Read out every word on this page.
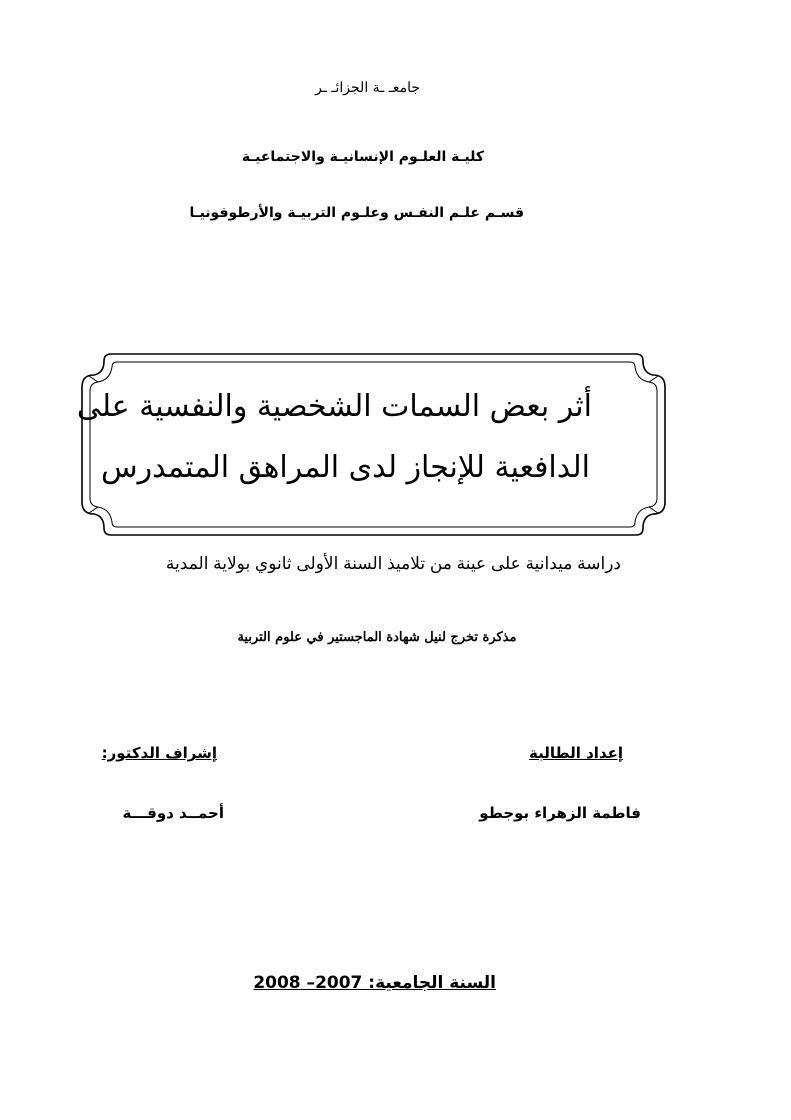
جامعـ ـة الجزائـ ـر
كليـة العلـوم الإنسانيـة والاجتماعيـة
قسـم علـم النفـس وعلـوم التربيـة والأرطوفونيـا
أثر بعض السمات الشخصية والنفسية على
الدافعية للإنجاز لدى المراهق المتمدرس
دراسة ميدانية على عينة من تلاميذ السنة الأولى ثانوي بولاية المدية
مذكرة تخرج لنيل شهادة الماجستير في علوم التربية
إعداد الطالبة
إشراف الدكتور:
فاطمة الزهراء بوجطو
أحمــد دوقـــة
السنة الجامعية: 2007– 2008
